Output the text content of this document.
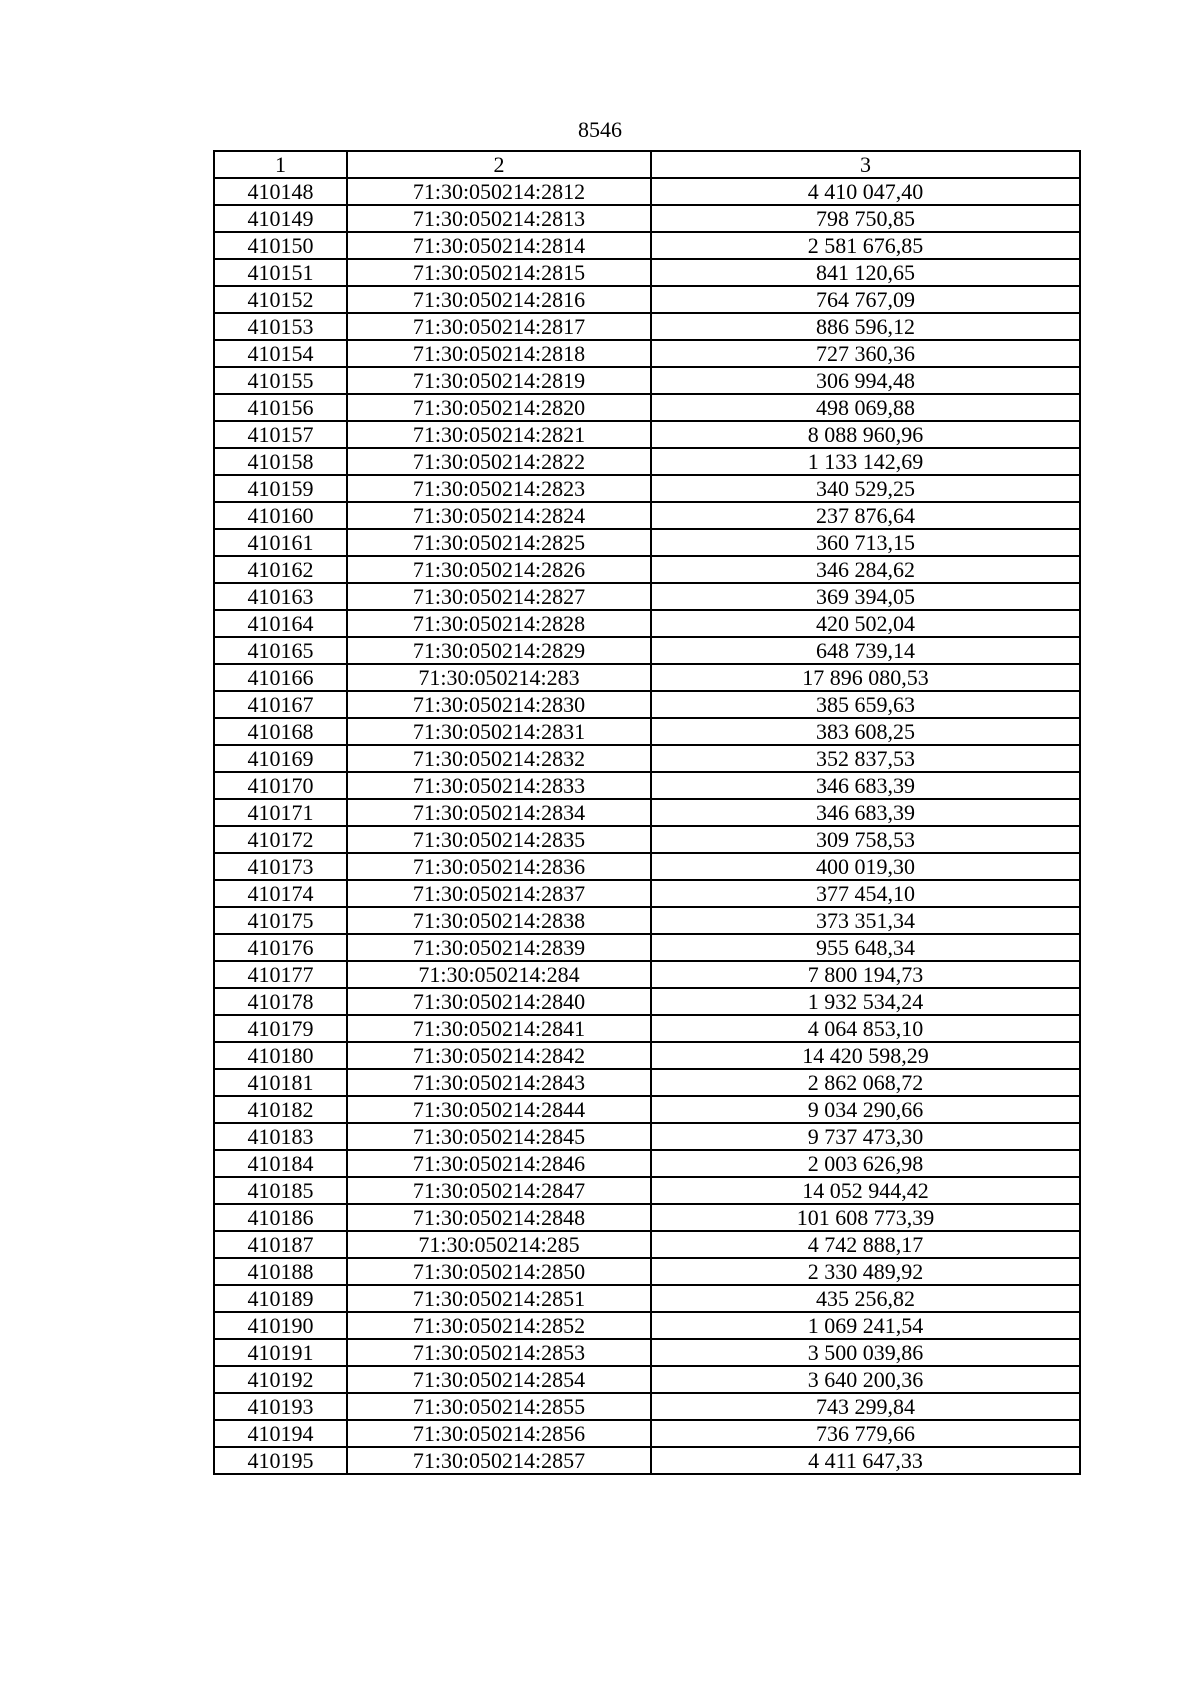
8546
1	2	3
410148	71:30:050214:2812	4 410 047,40
410149	71:30:050214:2813	798 750,85
410150	71:30:050214:2814	2 581 676,85
410151	71:30:050214:2815	841 120,65
410152	71:30:050214:2816	764 767,09
410153	71:30:050214:2817	886 596,12
410154	71:30:050214:2818	727 360,36
410155	71:30:050214:2819	306 994,48
410156	71:30:050214:2820	498 069,88
410157	71:30:050214:2821	8 088 960,96
410158	71:30:050214:2822	1 133 142,69
410159	71:30:050214:2823	340 529,25
410160	71:30:050214:2824	237 876,64
410161	71:30:050214:2825	360 713,15
410162	71:30:050214:2826	346 284,62
410163	71:30:050214:2827	369 394,05
410164	71:30:050214:2828	420 502,04
410165	71:30:050214:2829	648 739,14
410166	71:30:050214:283	17 896 080,53
410167	71:30:050214:2830	385 659,63
410168	71:30:050214:2831	383 608,25
410169	71:30:050214:2832	352 837,53
410170	71:30:050214:2833	346 683,39
410171	71:30:050214:2834	346 683,39
410172	71:30:050214:2835	309 758,53
410173	71:30:050214:2836	400 019,30
410174	71:30:050214:2837	377 454,10
410175	71:30:050214:2838	373 351,34
410176	71:30:050214:2839	955 648,34
410177	71:30:050214:284	7 800 194,73
410178	71:30:050214:2840	1 932 534,24
410179	71:30:050214:2841	4 064 853,10
410180	71:30:050214:2842	14 420 598,29
410181	71:30:050214:2843	2 862 068,72
410182	71:30:050214:2844	9 034 290,66
410183	71:30:050214:2845	9 737 473,30
410184	71:30:050214:2846	2 003 626,98
410185	71:30:050214:2847	14 052 944,42
410186	71:30:050214:2848	101 608 773,39
410187	71:30:050214:285	4 742 888,17
410188	71:30:050214:2850	2 330 489,92
410189	71:30:050214:2851	435 256,82
410190	71:30:050214:2852	1 069 241,54
410191	71:30:050214:2853	3 500 039,86
410192	71:30:050214:2854	3 640 200,36
410193	71:30:050214:2855	743 299,84
410194	71:30:050214:2856	736 779,66
410195	71:30:050214:2857	4 411 647,33
